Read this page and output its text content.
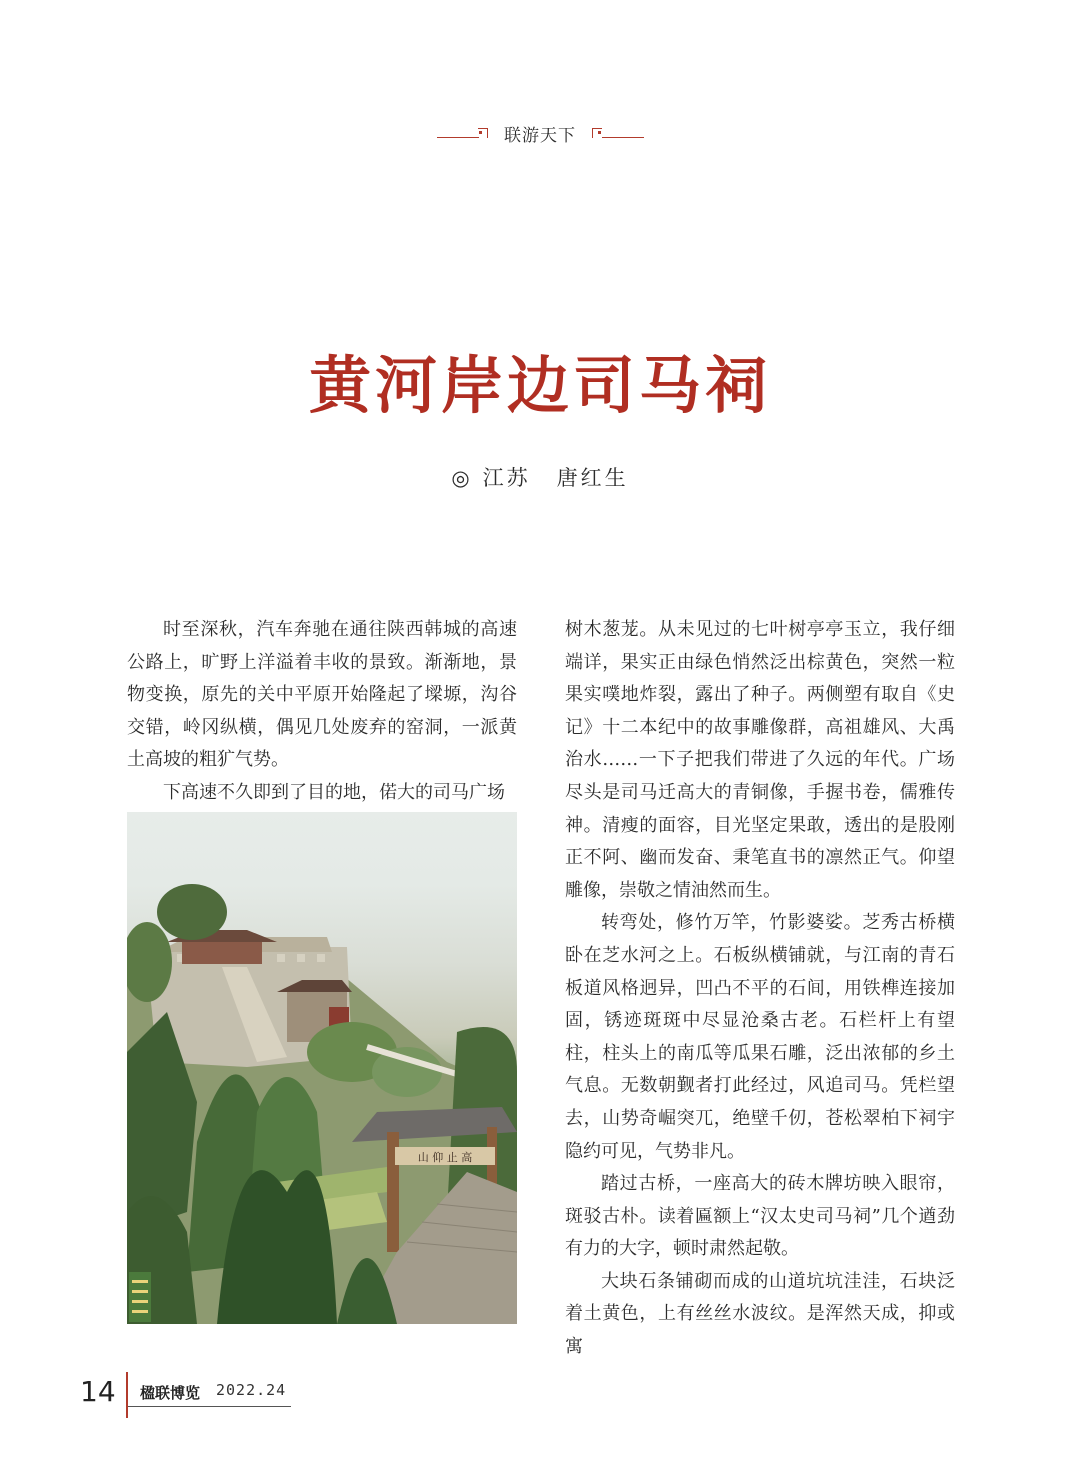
联游天下
黄河岸边司马祠
◎ 江苏 唐红生

时至深秋，汽车奔驰在通往陕西韩城的高速公路上，旷野上洋溢着丰收的景致。渐渐地，景物变换，原先的关中平原开始隆起了墚塬，沟谷交错，岭冈纵横，偶见几处废弃的窑洞，一派黄土高坡的粗犷气势。

下高速不久即到了目的地，偌大的司马广场

山 仰 止 高

树木葱茏。从未见过的七叶树亭亭玉立，我仔细端详，果实正由绿色悄然泛出棕黄色，突然一粒果实噗地炸裂，露出了种子。两侧塑有取自《史记》十二本纪中的故事雕像群，高祖雄风、大禹治水……一下子把我们带进了久远的年代。广场尽头是司马迁高大的青铜像，手握书卷，儒雅传神。清瘦的面容，目光坚定果敢，透出的是股刚正不阿、幽而发奋、秉笔直书的凛然正气。仰望雕像，崇敬之情油然而生。

转弯处，修竹万竿，竹影婆娑。芝秀古桥横卧在芝水河之上。石板纵横铺就，与江南的青石板道风格迥异，凹凸不平的石间，用铁榫连接加固，锈迹斑斑中尽显沧桑古老。石栏杆上有望柱，柱头上的南瓜等瓜果石雕，泛出浓郁的乡土气息。无数朝觐者打此经过，风追司马。凭栏望去，山势奇崛突兀，绝壁千仞，苍松翠柏下祠宇隐约可见，气势非凡。

踏过古桥，一座高大的砖木牌坊映入眼帘，斑驳古朴。读着匾额上“汉太史司马祠”几个遒劲有力的大字，顿时肃然起敬。

大块石条铺砌而成的山道坑坑洼洼，石块泛着土黄色，上有丝丝水波纹。是浑然天成，抑或寓

14 楹联博览 2022.24
